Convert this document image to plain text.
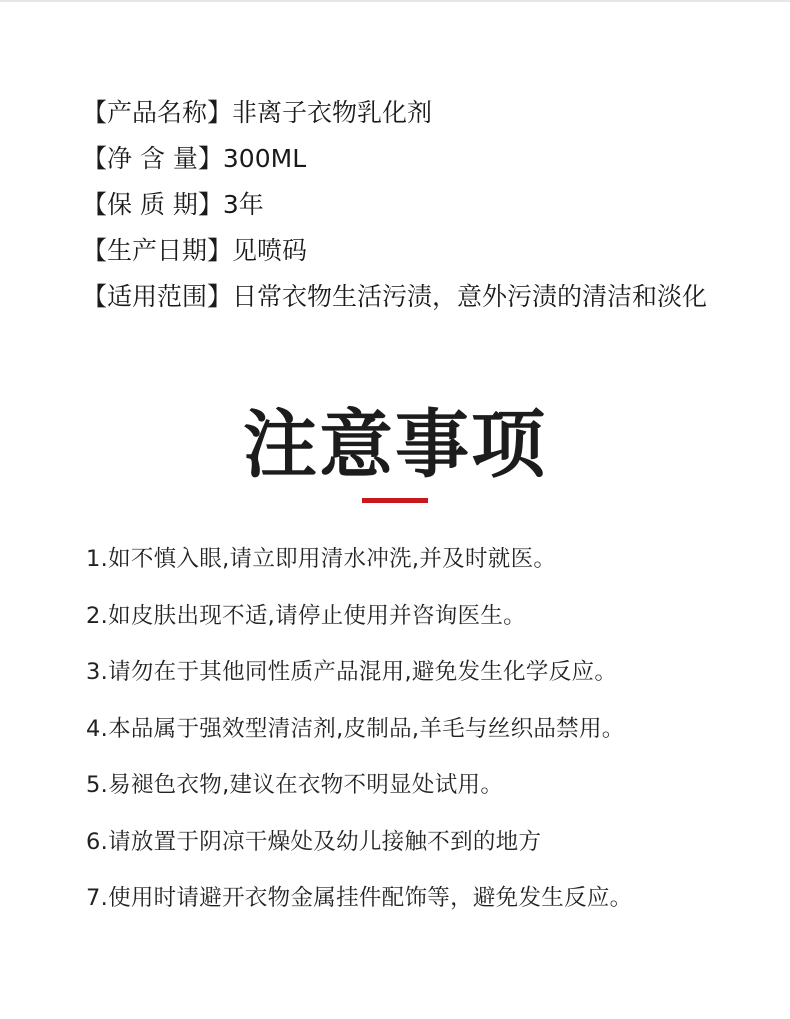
【产品名称】非离子衣物乳化剂
【净 含 量】300ML
【保 质 期】3年
【生产日期】见喷码
【适用范围】日常衣物生活污渍，意外污渍的清洁和淡化
注意事项
1.如不慎入眼,请立即用清水冲洗,并及时就医。
2.如皮肤出现不适,请停止使用并咨询医生。
3.请勿在于其他同性质产品混用,避免发生化学反应。
4.本品属于强效型清洁剂,皮制品,羊毛与丝织品禁用。
5.易褪色衣物,建议在衣物不明显处试用。
6.请放置于阴凉干燥处及幼儿接触不到的地方
7.使用时请避开衣物金属挂件配饰等，避免发生反应。
